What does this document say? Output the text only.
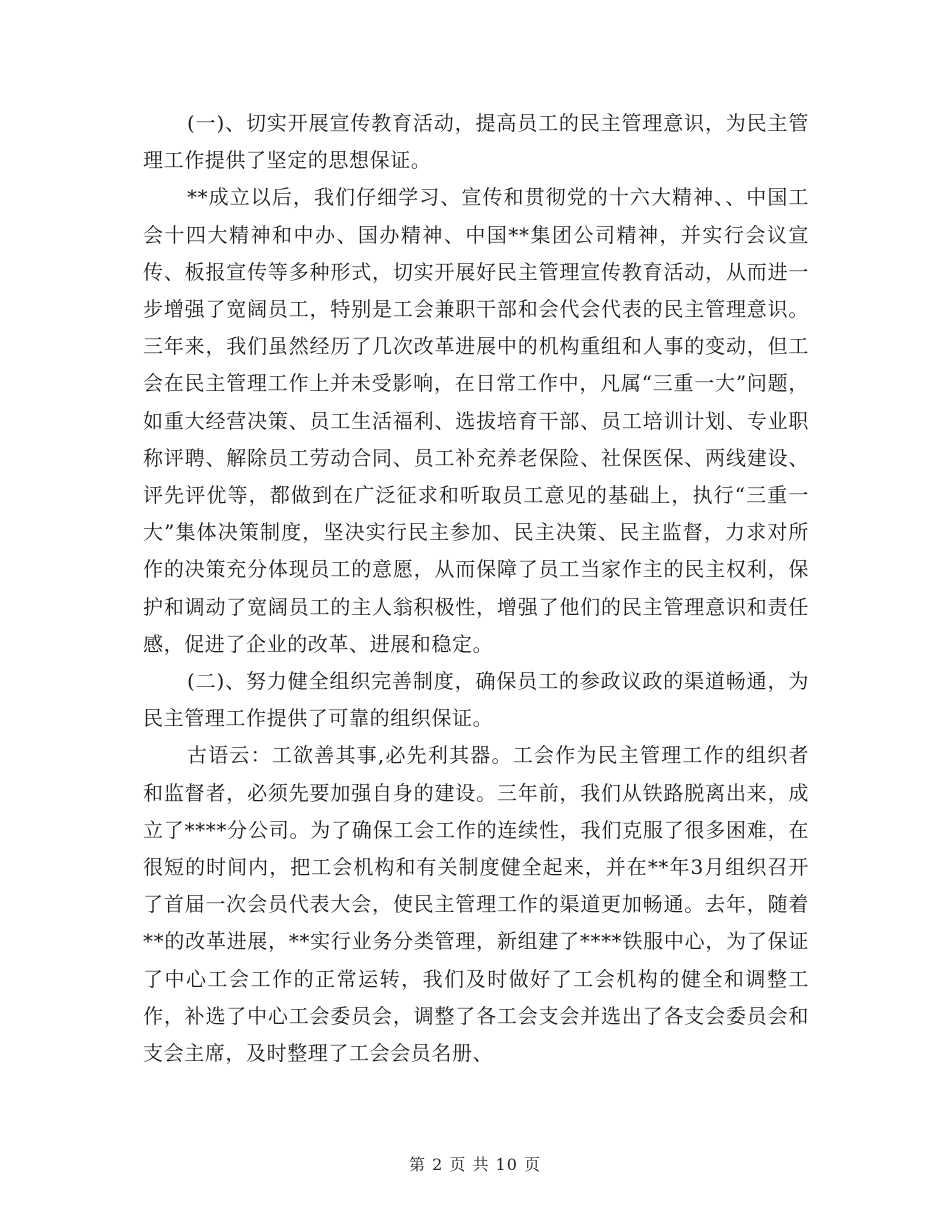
(一)、切实开展宣传教育活动，提高员工的民主管理意识，为民主管理工作提供了坚定的思想保证。

**成立以后，我们仔细学习、宣传和贯彻党的十六大精神、、中国工会十四大精神和中办、国办精神、中国**集团公司精神，并实行会议宣传、板报宣传等多种形式，切实开展好民主管理宣传教育活动，从而进一步增强了宽阔员工，特别是工会兼职干部和会代会代表的民主管理意识。三年来，我们虽然经历了几次改革进展中的机构重组和人事的变动，但工会在民主管理工作上并未受影响，在日常工作中，凡属“三重一大”问题，如重大经营决策、员工生活福利、选拔培育干部、员工培训计划、专业职称评聘、解除员工劳动合同、员工补充养老保险、社保医保、两线建设、评先评优等，都做到在广泛征求和听取员工意见的基础上，执行“三重一大”集体决策制度，坚决实行民主参加、民主决策、民主监督，力求对所作的决策充分体现员工的意愿，从而保障了员工当家作主的民主权利，保护和调动了宽阔员工的主人翁积极性，增强了他们的民主管理意识和责任感，促进了企业的改革、进展和稳定。

(二)、努力健全组织完善制度，确保员工的参政议政的渠道畅通，为民主管理工作提供了可靠的组织保证。

古语云：工欲善其事,必先利其器。工会作为民主管理工作的组织者和监督者，必须先要加强自身的建设。三年前，我们从铁路脱离出来，成立了****分公司。为了确保工会工作的连续性，我们克服了很多困难，在很短的时间内，把工会机构和有关制度健全起来，并在**年3月组织召开了首届一次会员代表大会，使民主管理工作的渠道更加畅通。去年，随着**的改革进展，**实行业务分类管理，新组建了****铁服中心，为了保证了中心工会工作的正常运转，我们及时做好了工会机构的健全和调整工作，补选了中心工会委员会，调整了各工会支会并选出了各支会委员会和支会主席，及时整理了工会会员名册、

第 2 页 共 10 页
